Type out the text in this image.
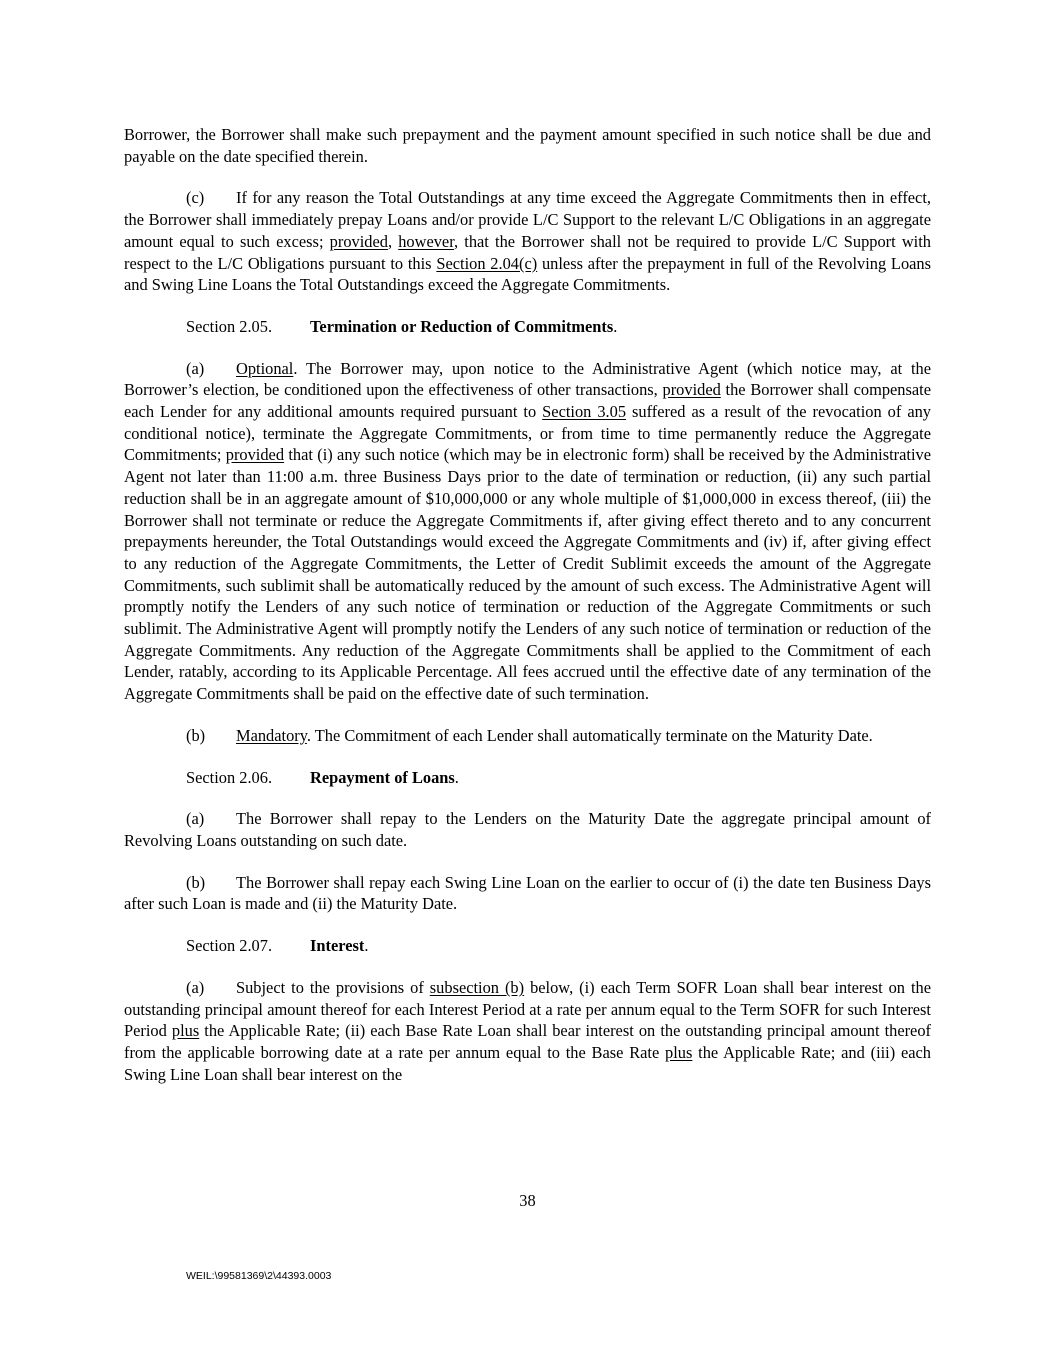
Borrower, the Borrower shall make such prepayment and the payment amount specified in such notice shall be due and payable on the date specified therein.

(c) If for any reason the Total Outstandings at any time exceed the Aggregate Commitments then in effect, the Borrower shall immediately prepay Loans and/or provide L/C Support to the relevant L/C Obligations in an aggregate amount equal to such excess; provided, however, that the Borrower shall not be required to provide L/C Support with respect to the L/C Obligations pursuant to this Section 2.04(c) unless after the prepayment in full of the Revolving Loans and Swing Line Loans the Total Outstandings exceed the Aggregate Commitments.

Section 2.05. Termination or Reduction of Commitments.

(a) Optional. The Borrower may, upon notice to the Administrative Agent (which notice may, at the Borrower’s election, be conditioned upon the effectiveness of other transactions, provided the Borrower shall compensate each Lender for any additional amounts required pursuant to Section 3.05 suffered as a result of the revocation of any conditional notice), terminate the Aggregate Commitments, or from time to time permanently reduce the Aggregate Commitments; provided that (i) any such notice (which may be in electronic form) shall be received by the Administrative Agent not later than 11:00 a.m. three Business Days prior to the date of termination or reduction, (ii) any such partial reduction shall be in an aggregate amount of $10,000,000 or any whole multiple of $1,000,000 in excess thereof, (iii) the Borrower shall not terminate or reduce the Aggregate Commitments if, after giving effect thereto and to any concurrent prepayments hereunder, the Total Outstandings would exceed the Aggregate Commitments and (iv) if, after giving effect to any reduction of the Aggregate Commitments, the Letter of Credit Sublimit exceeds the amount of the Aggregate Commitments, such sublimit shall be automatically reduced by the amount of such excess. The Administrative Agent will promptly notify the Lenders of any such notice of termination or reduction of the Aggregate Commitments or such sublimit. The Administrative Agent will promptly notify the Lenders of any such notice of termination or reduction of the Aggregate Commitments. Any reduction of the Aggregate Commitments shall be applied to the Commitment of each Lender, ratably, according to its Applicable Percentage. All fees accrued until the effective date of any termination of the Aggregate Commitments shall be paid on the effective date of such termination.

(b) Mandatory. The Commitment of each Lender shall automatically terminate on the Maturity Date.

Section 2.06. Repayment of Loans.

(a) The Borrower shall repay to the Lenders on the Maturity Date the aggregate principal amount of Revolving Loans outstanding on such date.

(b) The Borrower shall repay each Swing Line Loan on the earlier to occur of (i) the date ten Business Days after such Loan is made and (ii) the Maturity Date.

Section 2.07. Interest.

(a) Subject to the provisions of subsection (b) below, (i) each Term SOFR Loan shall bear interest on the outstanding principal amount thereof for each Interest Period at a rate per annum equal to the Term SOFR for such Interest Period plus the Applicable Rate; (ii) each Base Rate Loan shall bear interest on the outstanding principal amount thereof from the applicable borrowing date at a rate per annum equal to the Base Rate plus the Applicable Rate; and (iii) each Swing Line Loan shall bear interest on the

38
WEIL:\99581369\2\44393.0003
